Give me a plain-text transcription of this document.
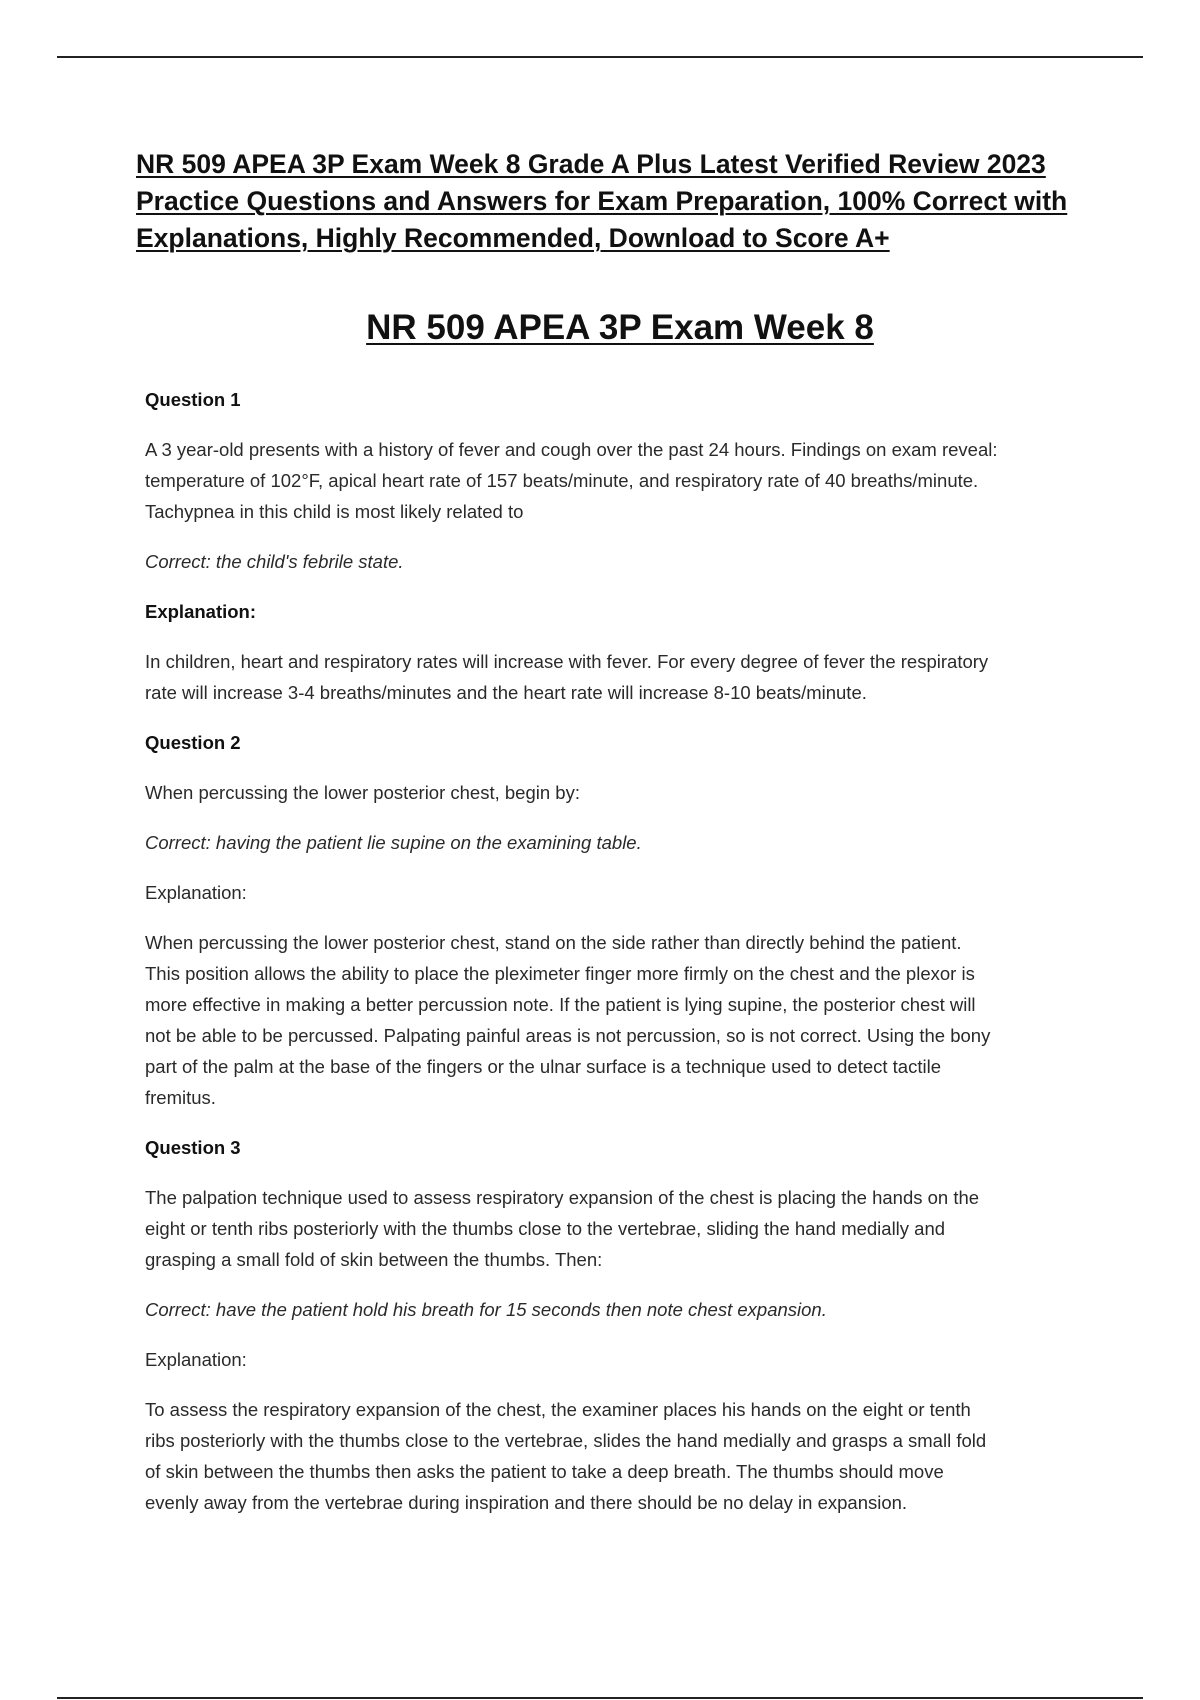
NR 509 APEA 3P Exam Week 8 Grade A Plus Latest Verified Review 2023
Practice Questions and Answers for Exam Preparation, 100% Correct with
Explanations, Highly Recommended, Download to Score A+
NR 509 APEA 3P Exam Week 8

Question 1

A 3 year-old presents with a history of fever and cough over the past 24 hours. Findings on exam reveal:
temperature of 102°F, apical heart rate of 157 beats/minute, and respiratory rate of 40 breaths/minute.
Tachypnea in this child is most likely related to

Correct: the child's febrile state.

Explanation:

In children, heart and respiratory rates will increase with fever. For every degree of fever the respiratory
rate will increase 3-4 breaths/minutes and the heart rate will increase 8-10 beats/minute.

Question 2

When percussing the lower posterior chest, begin by:

Correct: having the patient lie supine on the examining table.

Explanation:

When percussing the lower posterior chest, stand on the side rather than directly behind the patient.
This position allows the ability to place the pleximeter finger more firmly on the chest and the plexor is
more effective in making a better percussion note. If the patient is lying supine, the posterior chest will
not be able to be percussed. Palpating painful areas is not percussion, so is not correct. Using the bony
part of the palm at the base of the fingers or the ulnar surface is a technique used to detect tactile
fremitus.

Question 3

The palpation technique used to assess respiratory expansion of the chest is placing the hands on the
eight or tenth ribs posteriorly with the thumbs close to the vertebrae, sliding the hand medially and
grasping a small fold of skin between the thumbs. Then:

Correct: have the patient hold his breath for 15 seconds then note chest expansion.

Explanation:

To assess the respiratory expansion of the chest, the examiner places his hands on the eight or tenth
ribs posteriorly with the thumbs close to the vertebrae, slides the hand medially and grasps a small fold
of skin between the thumbs then asks the patient to take a deep breath. The thumbs should move
evenly away from the vertebrae during inspiration and there should be no delay in expansion.
